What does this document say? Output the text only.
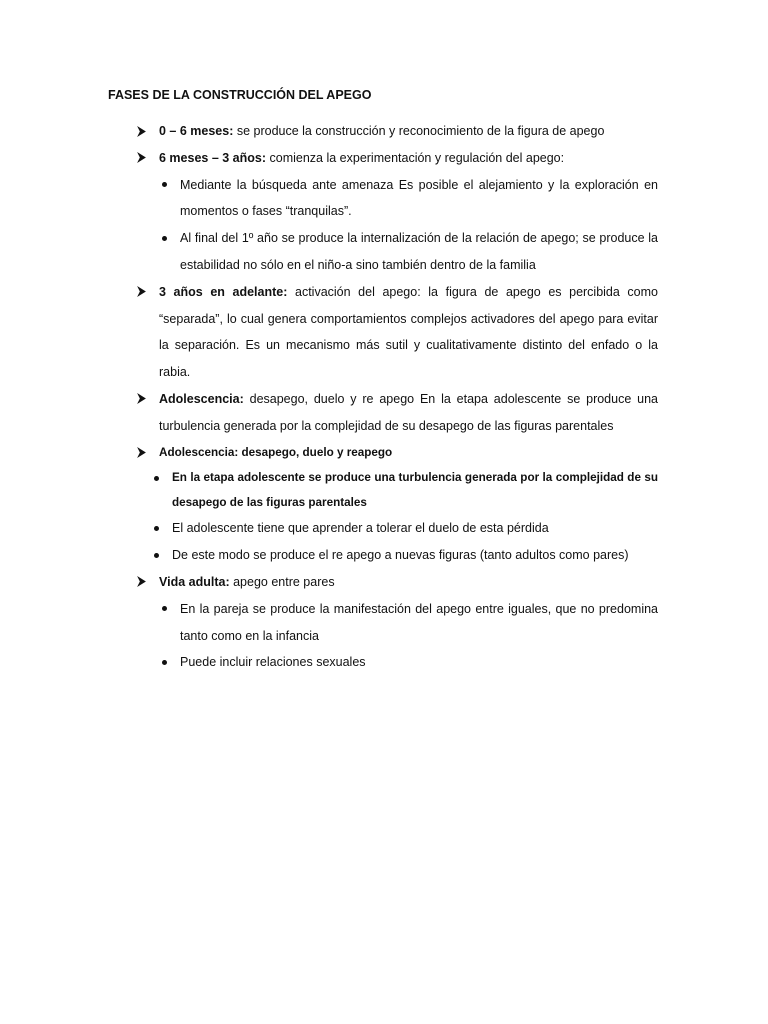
FASES DE LA CONSTRUCCIÓN DEL APEGO
0 – 6 meses: se produce la construcción y reconocimiento de la figura de apego
6 meses – 3 años: comienza la experimentación y regulación del apego:
Mediante la búsqueda ante amenaza Es posible el alejamiento y la exploración en momentos o fases “tranquilas”.
Al final del 1º año se produce la internalización de la relación de apego; se produce la estabilidad no sólo en el niño-a sino también dentro de la familia
3 años en adelante: activación del apego: la figura de apego es percibida como “separada”, lo cual genera comportamientos complejos activadores del apego para evitar la separación. Es un mecanismo más sutil y cualitativamente distinto del enfado o la rabia.
Adolescencia: desapego, duelo y re apego En la etapa adolescente se produce una turbulencia generada por la complejidad de su desapego de las figuras parentales
Adolescencia: desapego, duelo y reapego
En la etapa adolescente se produce una turbulencia generada por la complejidad de su desapego de las figuras parentales
El adolescente tiene que aprender a tolerar el duelo de esta pérdida
De este modo se produce el re apego a nuevas figuras (tanto adultos como pares)
Vida adulta: apego entre pares
En la pareja se produce la manifestación del apego entre iguales, que no predomina tanto como en la infancia
Puede incluir relaciones sexuales
